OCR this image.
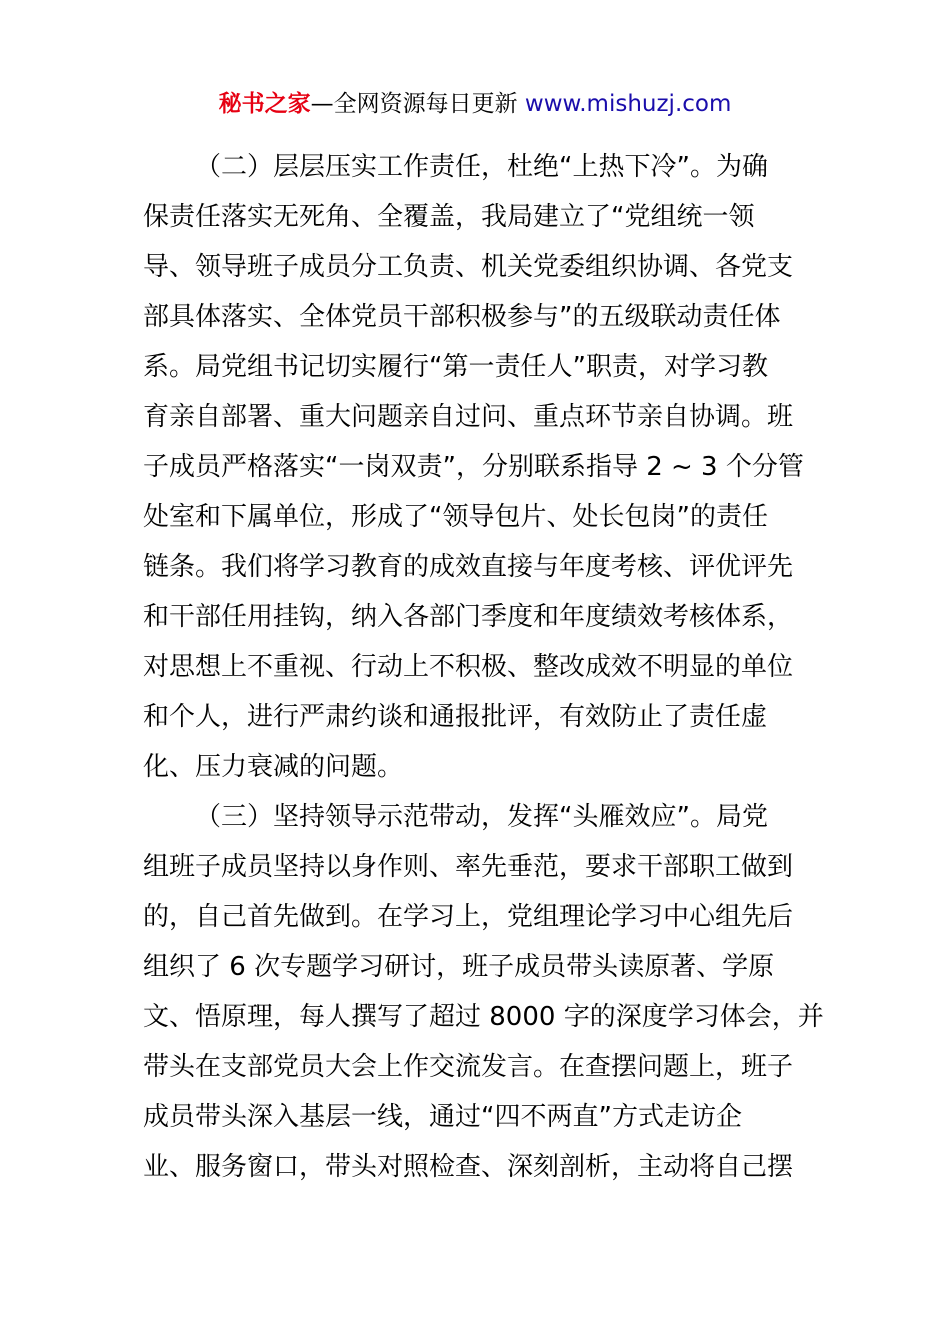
秘书之家—全网资源每日更新 www.mishuzj.com
（二）层层压实工作责任，杜绝“上热下冷”。为确
保责任落实无死角、全覆盖，我局建立了“党组统一领
导、领导班子成员分工负责、机关党委组织协调、各党支
部具体落实、全体党员干部积极参与”的五级联动责任体
系。局党组书记切实履行“第一责任人”职责，对学习教
育亲自部署、重大问题亲自过问、重点环节亲自协调。班
子成员严格落实“一岗双责”，分别联系指导 2 ~ 3 个分管
处室和下属单位，形成了“领导包片、处长包岗”的责任
链条。我们将学习教育的成效直接与年度考核、评优评先
和干部任用挂钩，纳入各部门季度和年度绩效考核体系，
对思想上不重视、行动上不积极、整改成效不明显的单位
和个人，进行严肃约谈和通报批评，有效防止了责任虚
化、压力衰减的问题。
（三）坚持领导示范带动，发挥“头雁效应”。局党
组班子成员坚持以身作则、率先垂范，要求干部职工做到
的，自己首先做到。在学习上，党组理论学习中心组先后
组织了 6 次专题学习研讨，班子成员带头读原著、学原
文、悟原理，每人撰写了超过 8000 字的深度学习体会，并
带头在支部党员大会上作交流发言。在查摆问题上，班子
成员带头深入基层一线，通过“四不两直”方式走访企
业、服务窗口，带头对照检查、深刻剖析，主动将自己摆
